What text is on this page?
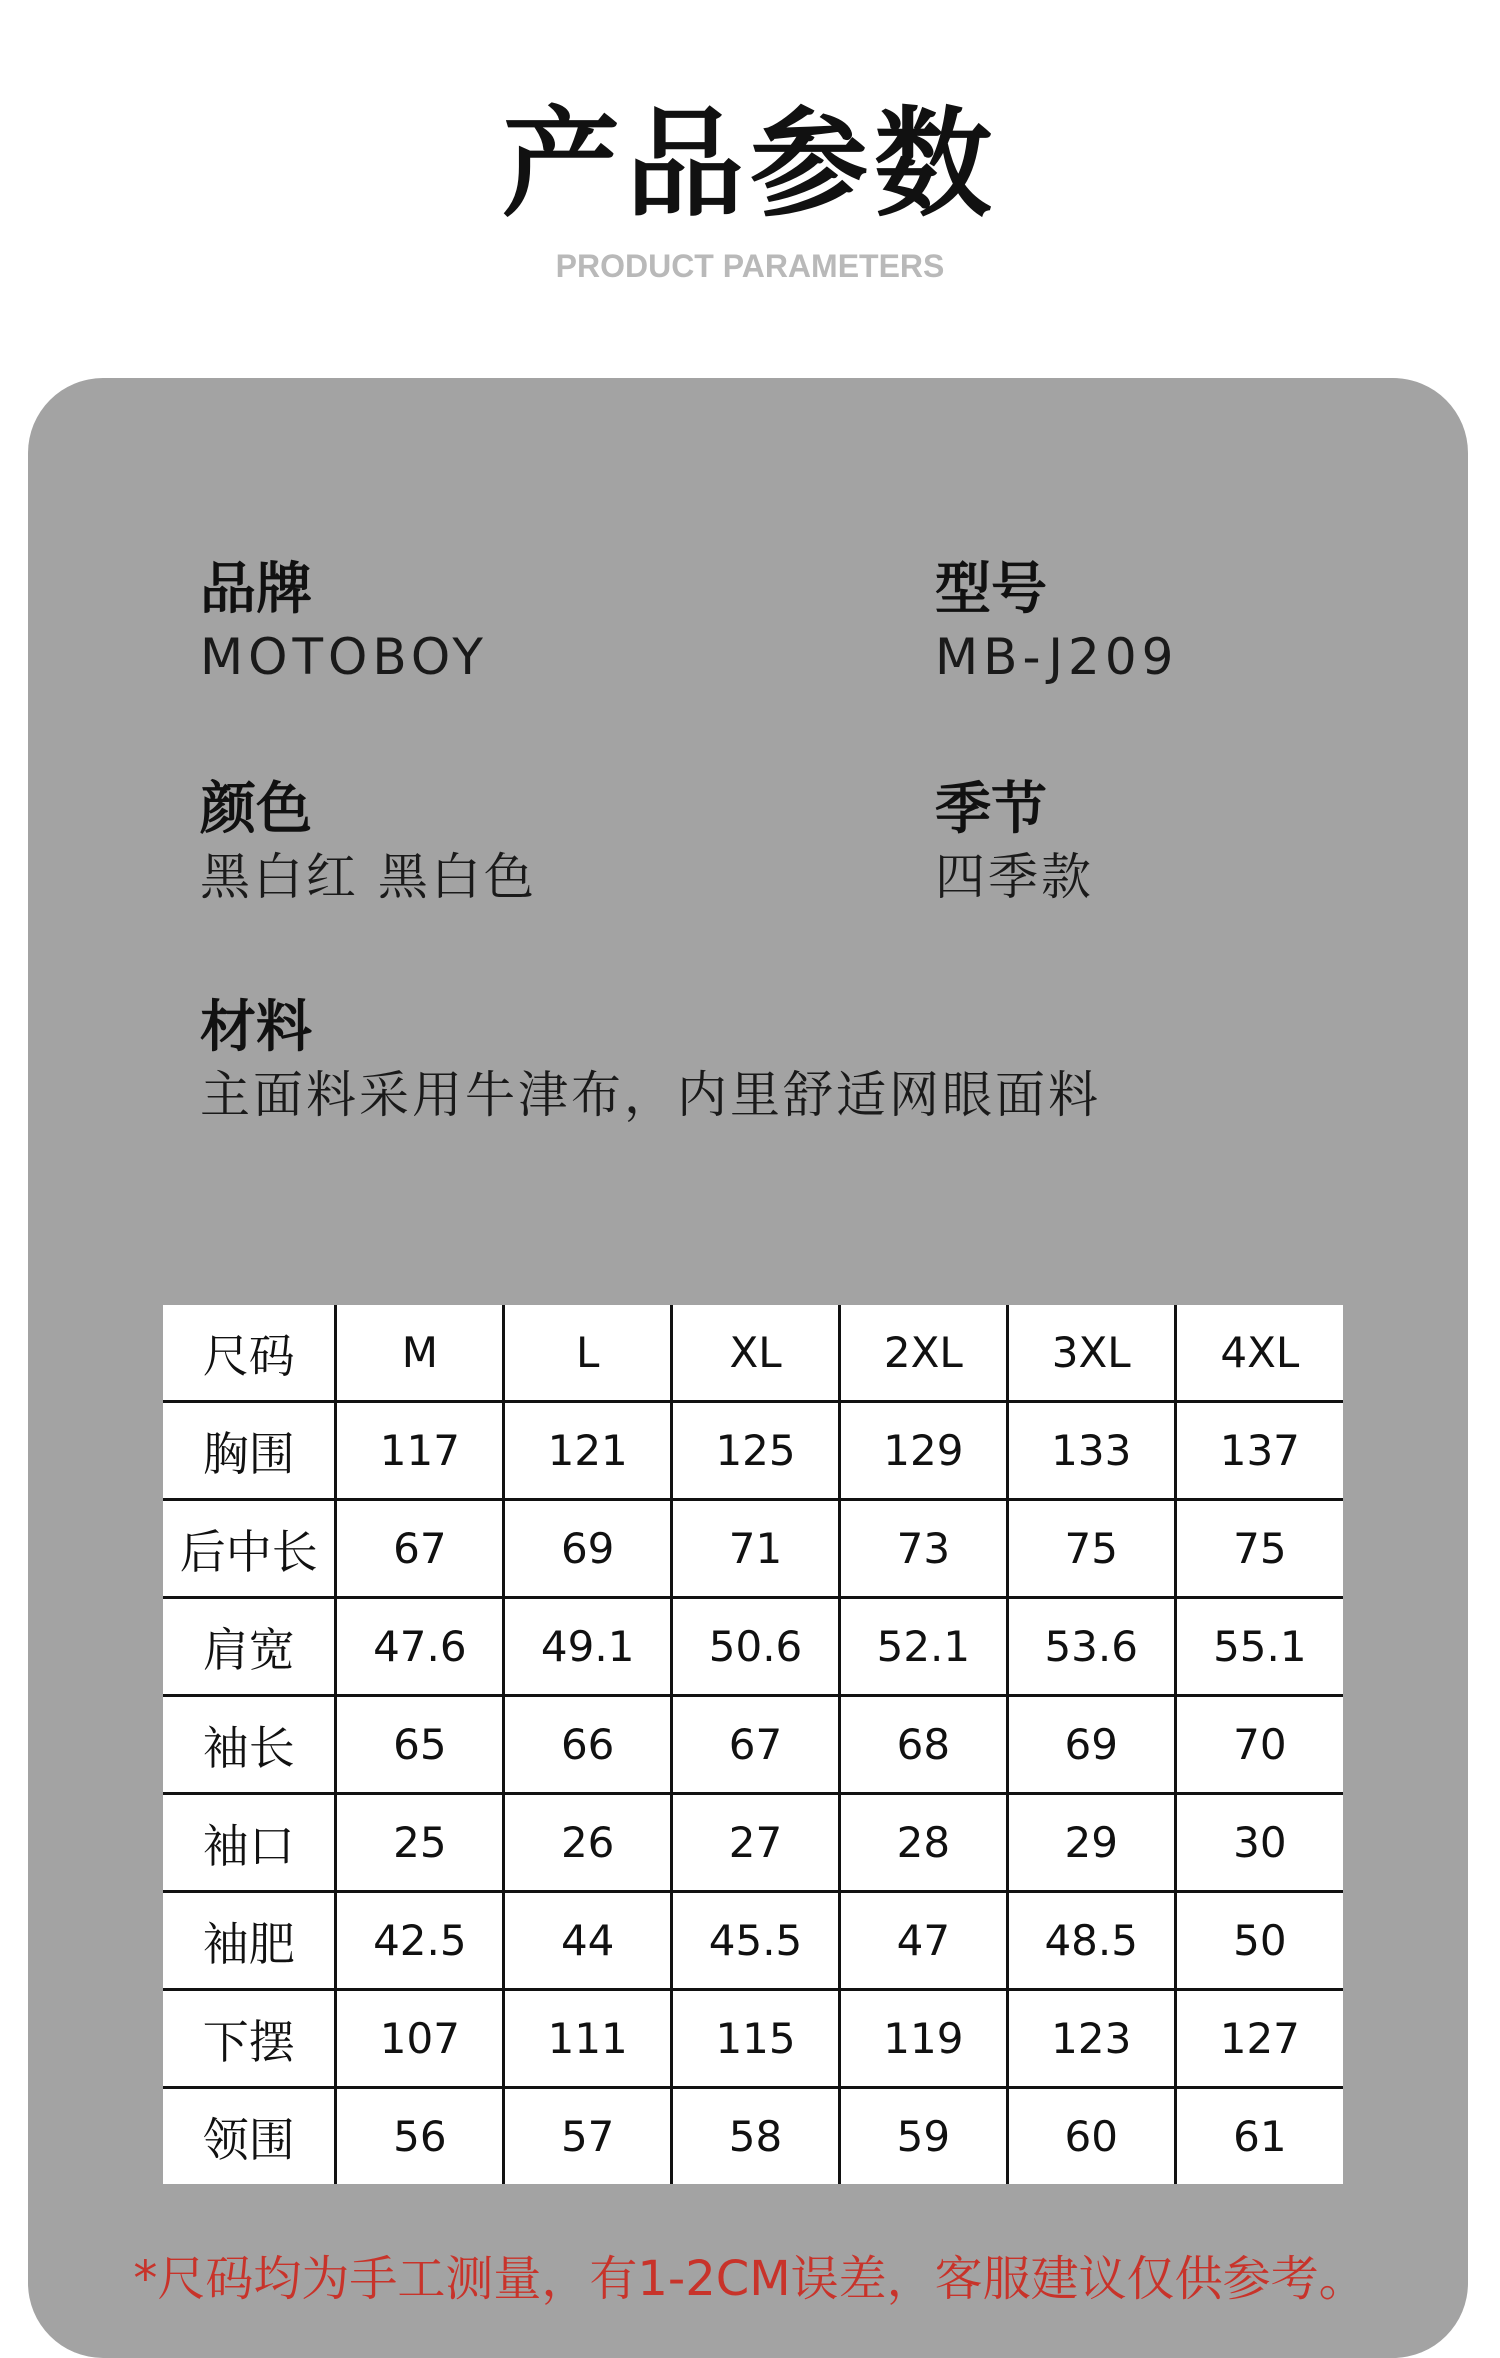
产品参数
PRODUCT PARAMETERS
品牌
MOTOBOY
型号
MB-J209
颜色
黑白红 黑白色
季节
四季款
材料
主面料采用牛津布，内里舒适网眼面料
尺码	M	L	XL	2XL	3XL	4XL
胸围	117	121	125	129	133	137
后中长	67	69	71	73	75	75
肩宽	47.6	49.1	50.6	52.1	53.6	55.1
袖长	65	66	67	68	69	70
袖口	25	26	27	28	29	30
袖肥	42.5	44	45.5	47	48.5	50
下摆	107	111	115	119	123	127
领围	56	57	58	59	60	61
*尺码均为手工测量，有1-2CM误差，客服建议仅供参考。
